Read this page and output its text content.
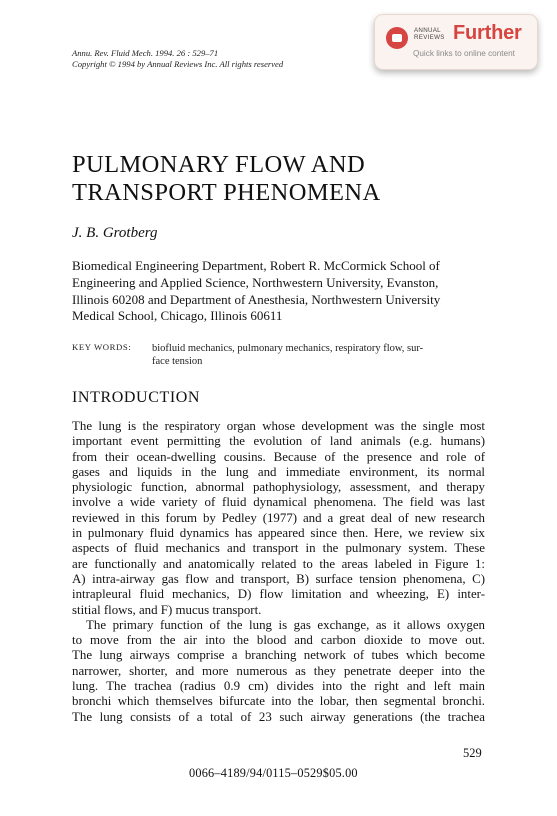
Annu. Rev. Fluid Mech. 1994. 26 : 529–71
Copyright © 1994 by Annual Reviews Inc. All rights reserved
ANNUAL
REVIEWS Further
Quick links to online content
PULMONARY FLOW AND
TRANSPORT PHENOMENA
J. B. Grotberg
Biomedical Engineering Department, Robert R. McCormick School of
Engineering and Applied Science, Northwestern University, Evanston,
Illinois 60208 and Department of Anesthesia, Northwestern University
Medical School, Chicago, Illinois 60611
KEY WORDS: biofluid mechanics, pulmonary mechanics, respiratory flow, sur-
face tension
INTRODUCTION
The lung is the respiratory organ whose development was the single most
important event permitting the evolution of land animals (e.g. humans)
from their ocean-dwelling cousins. Because of the presence and role of
gases and liquids in the lung and immediate environment, its normal
physiologic function, abnormal pathophysiology, assessment, and therapy
involve a wide variety of fluid dynamical phenomena. The field was last
reviewed in this forum by Pedley (1977) and a great deal of new research
in pulmonary fluid dynamics has appeared since then. Here, we review six
aspects of fluid mechanics and transport in the pulmonary system. These
are functionally and anatomically related to the areas labeled in Figure 1:
A) intra-airway gas flow and transport, B) surface tension phenomena, C)
intrapleural fluid mechanics, D) flow limitation and wheezing, E) inter-
stitial flows, and F) mucus transport.
The primary function of the lung is gas exchange, as it allows oxygen
to move from the air into the blood and carbon dioxide to move out.
The lung airways comprise a branching network of tubes which become
narrower, shorter, and more numerous as they penetrate deeper into the
lung. The trachea (radius 0.9 cm) divides into the right and left main
bronchi which themselves bifurcate into the lobar, then segmental bronchi.
The lung consists of a total of 23 such airway generations (the trachea
529
0066–4189/94/0115–0529$05.00
